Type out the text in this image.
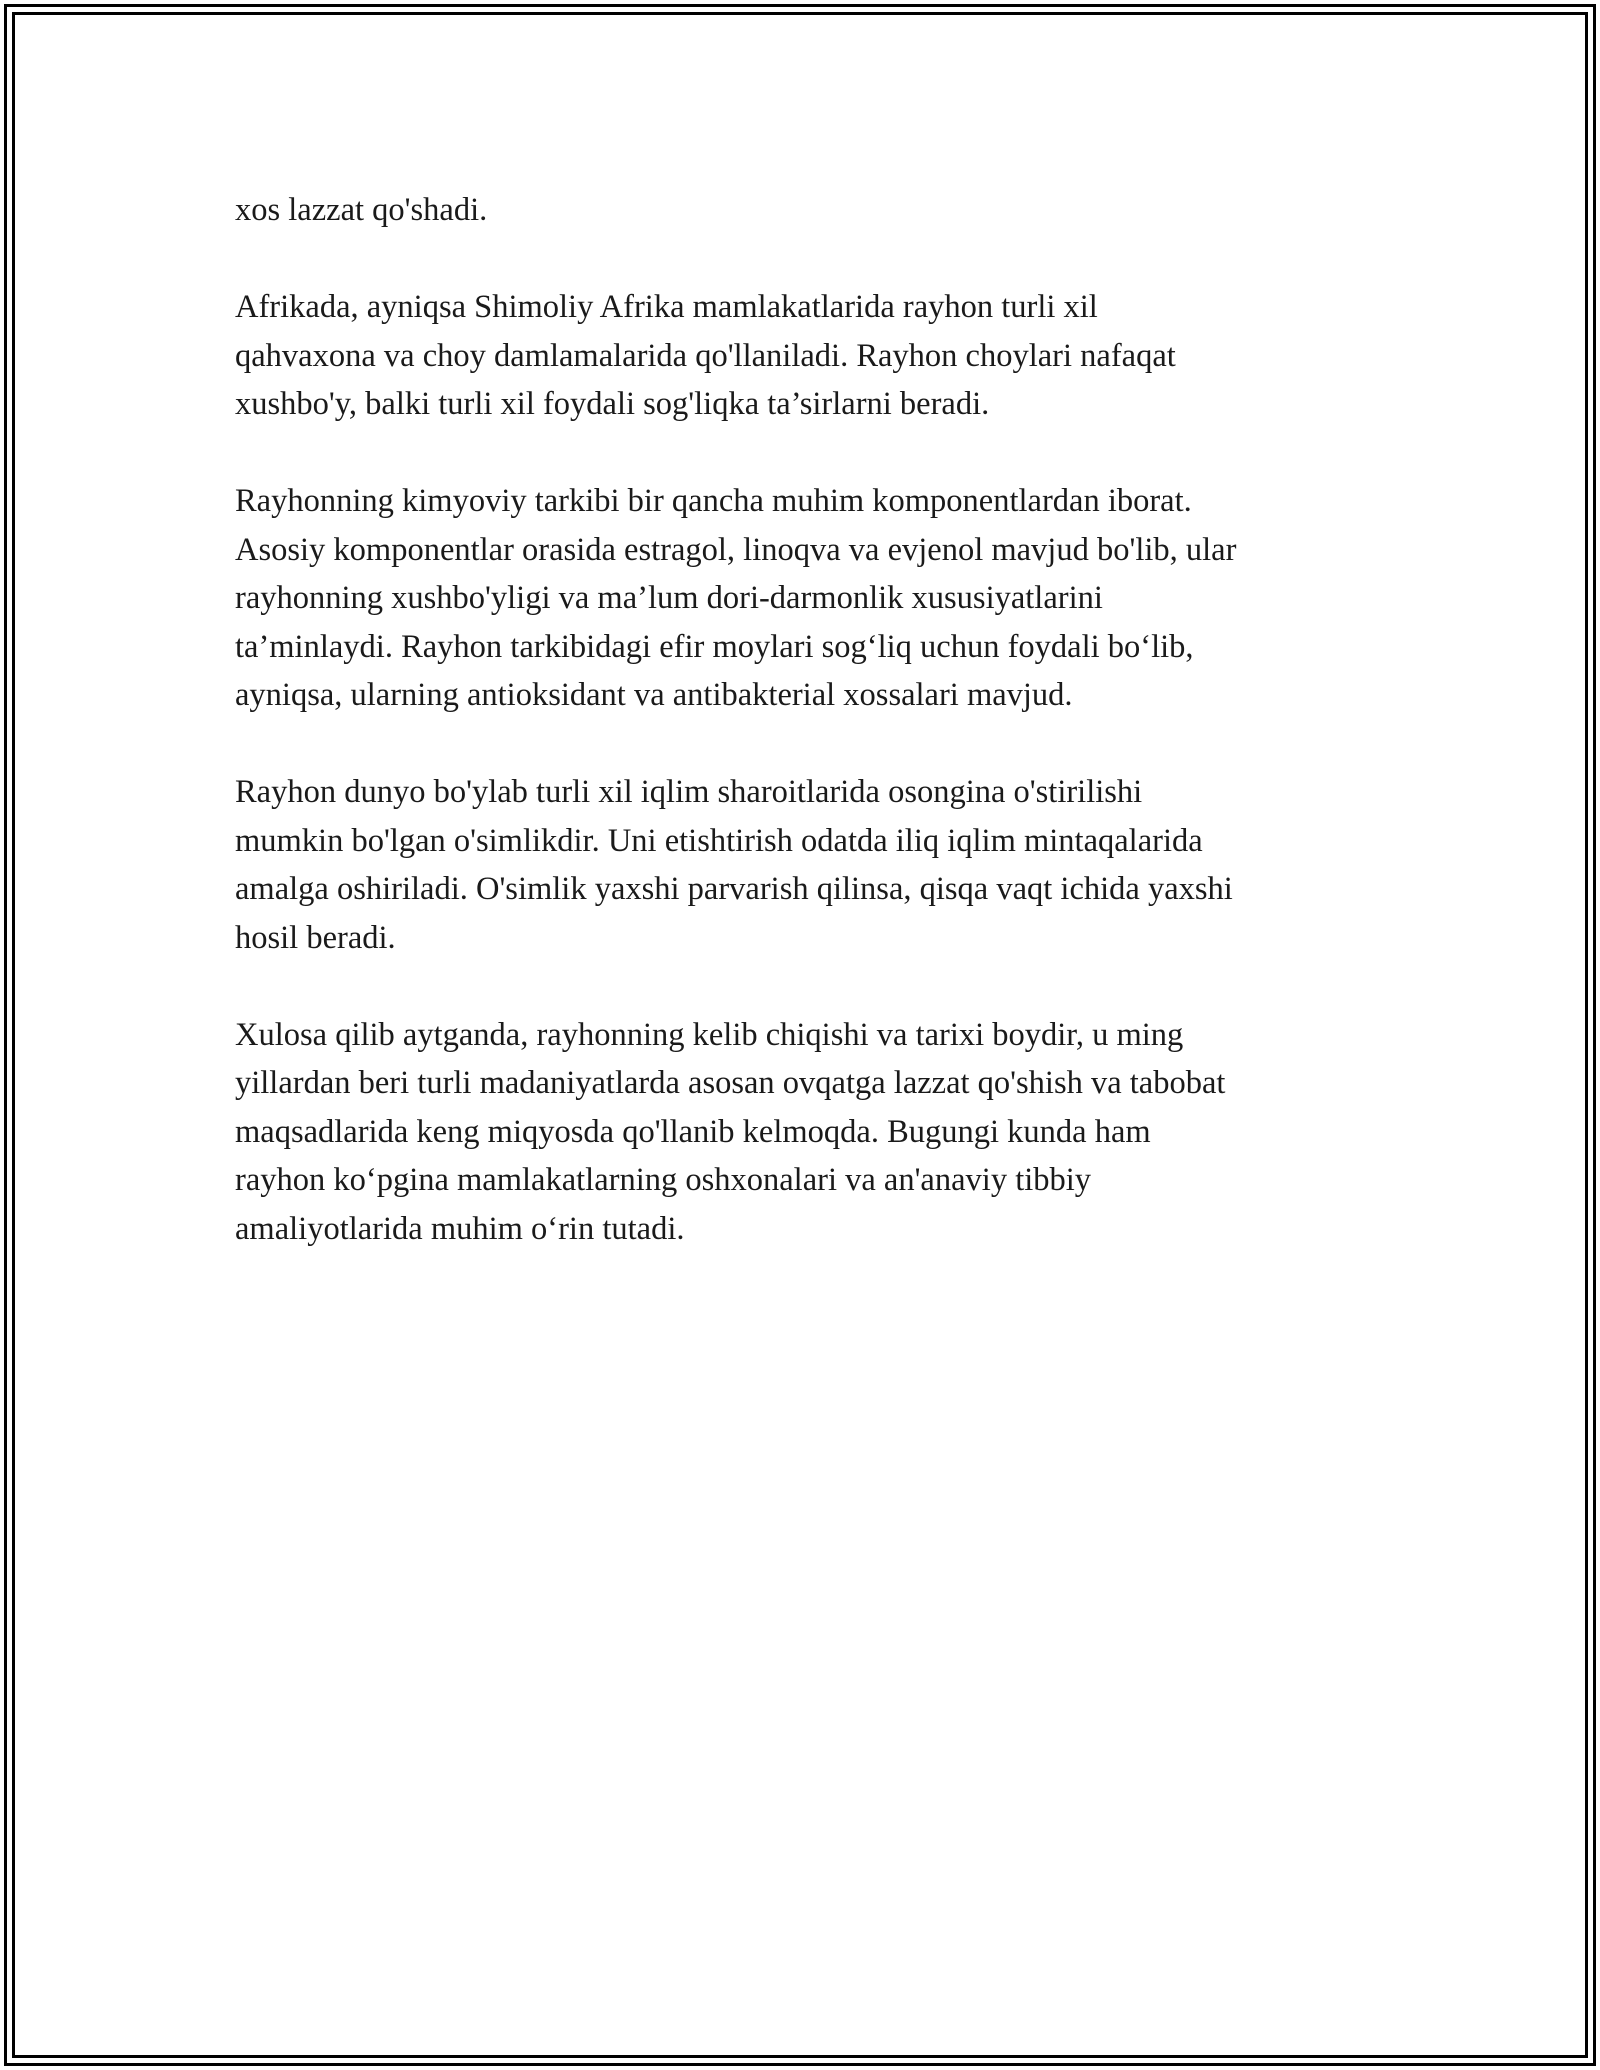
xos lazzat qo'shadi.

Afrikada, ayniqsa Shimoliy Afrika mamlakatlarida rayhon turli xil
qahvaxona va choy damlamalarida qo'llaniladi. Rayhon choylari nafaqat
xushbo'y, balki turli xil foydali sog'liqka ta’sirlarni beradi.

Rayhonning kimyoviy tarkibi bir qancha muhim komponentlardan iborat.
Asosiy komponentlar orasida estragol, linoqva va evjenol mavjud bo'lib, ular
rayhonning xushbo'yligi va ma’lum dori-darmonlik xususiyatlarini
ta’minlaydi. Rayhon tarkibidagi efir moylari sog‘liq uchun foydali bo‘lib,
ayniqsa, ularning antioksidant va antibakterial xossalari mavjud.

Rayhon dunyo bo'ylab turli xil iqlim sharoitlarida osongina o'stirilishi
mumkin bo'lgan o'simlikdir. Uni etishtirish odatda iliq iqlim mintaqalarida
amalga oshiriladi. O'simlik yaxshi parvarish qilinsa, qisqa vaqt ichida yaxshi
hosil beradi.

Xulosa qilib aytganda, rayhonning kelib chiqishi va tarixi boydir, u ming
yillardan beri turli madaniyatlarda asosan ovqatga lazzat qo'shish va tabobat
maqsadlarida keng miqyosda qo'llanib kelmoqda. Bugungi kunda ham
rayhon ko‘pgina mamlakatlarning oshxonalari va an'anaviy tibbiy
amaliyotlarida muhim o‘rin tutadi.
